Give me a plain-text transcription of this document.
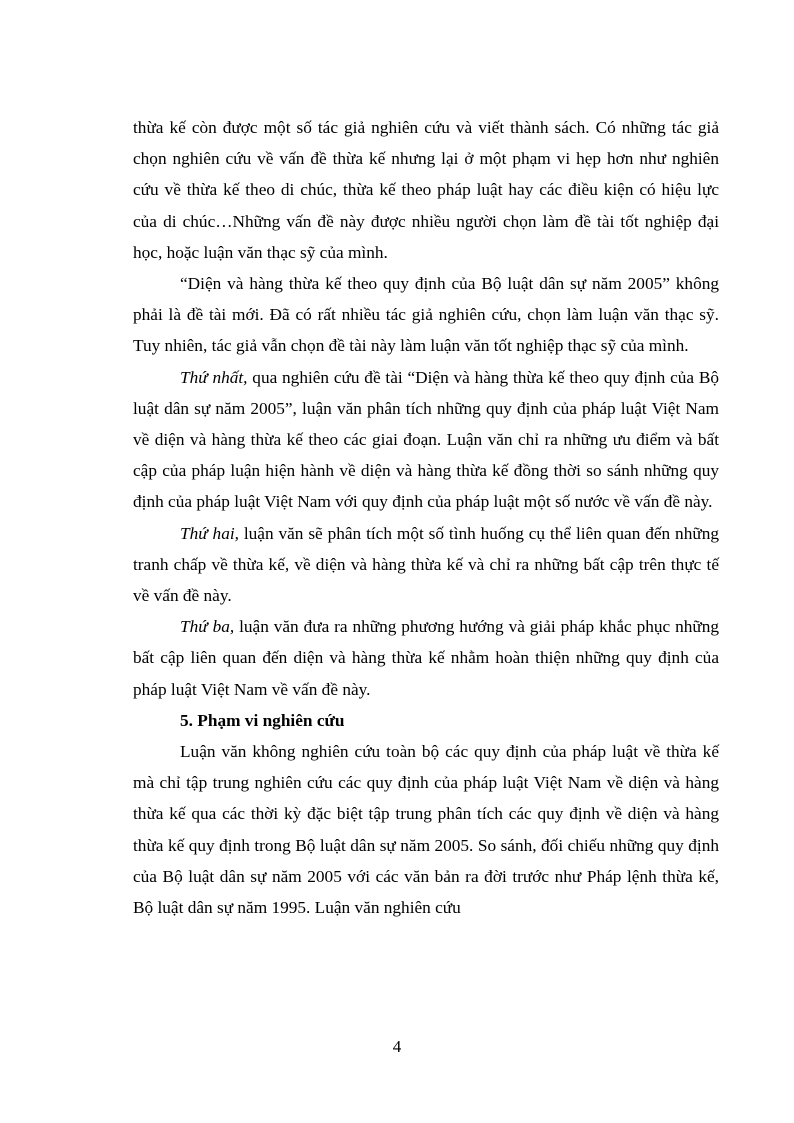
thừa kế còn được một số tác giả nghiên cứu và viết thành sách. Có những tác giả chọn nghiên cứu về vấn đề thừa kế nhưng lại ở một phạm vi hẹp hơn như nghiên cứu về thừa kế theo di chúc, thừa kế theo pháp luật hay các điều kiện có hiệu lực của di chúc…Những vấn đề này được nhiều người chọn làm đề tài tốt nghiệp đại học, hoặc luận văn thạc sỹ của mình.

“Diện và hàng thừa kế theo quy định của Bộ luật dân sự năm 2005” không phải là đề tài mới. Đã có rất nhiều tác giả nghiên cứu, chọn làm luận văn thạc sỹ. Tuy nhiên, tác giả vẫn chọn đề tài này làm luận văn tốt nghiệp thạc sỹ của mình.

Thứ nhất, qua nghiên cứu đề tài “Diện và hàng thừa kế theo quy định của Bộ luật dân sự năm 2005”, luận văn phân tích những quy định của pháp luật Việt Nam về diện và hàng thừa kế theo các giai đoạn. Luận văn chỉ ra những ưu điểm và bất cập của pháp luận hiện hành về diện và hàng thừa kế đồng thời so sánh những quy định của pháp luật Việt Nam với quy định của pháp luật một số nước về vấn đề này.

Thứ hai, luận văn sẽ phân tích một số tình huống cụ thể liên quan đến những tranh chấp về thừa kế, về diện và hàng thừa kế và chỉ ra những bất cập trên thực tế về vấn đề này.

Thứ ba, luận văn đưa ra những phương hướng và giải pháp khắc phục những bất cập liên quan đến diện và hàng thừa kế nhằm hoàn thiện những quy định của pháp luật Việt Nam về vấn đề này.

5. Phạm vi nghiên cứu

Luận văn không nghiên cứu toàn bộ các quy định của pháp luật về thừa kế mà chỉ tập trung nghiên cứu các quy định của pháp luật Việt Nam về diện và hàng thừa kế qua các thời kỳ đặc biệt tập trung phân tích các quy định về diện và hàng thừa kế quy định trong Bộ luật dân sự năm 2005. So sánh, đối chiếu những quy định của Bộ luật dân sự năm 2005 với các văn bản ra đời trước như Pháp lệnh thừa kế, Bộ luật dân sự năm 1995. Luận văn nghiên cứu

4
